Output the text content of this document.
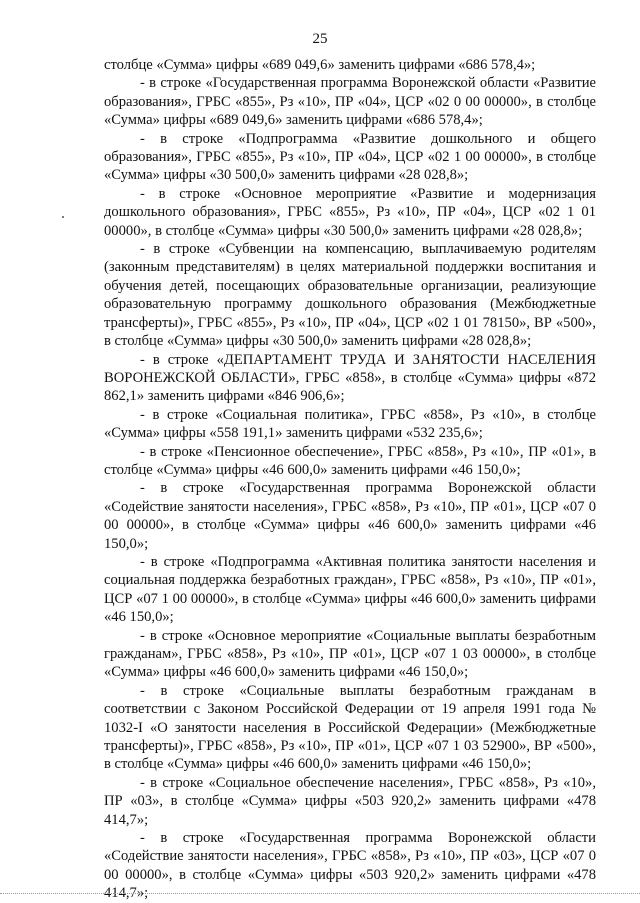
25

столбце «Сумма» цифры «689 049,6» заменить цифрами «686 578,4»;

- в строке «Государственная программа Воронежской области «Развитие образования», ГРБС «855», Рз «10», ПР «04», ЦСР «02 0 00 00000», в столбце «Сумма» цифры «689 049,6» заменить цифрами «686 578,4»;

- в строке «Подпрограмма «Развитие дошкольного и общего образования», ГРБС «855», Рз «10», ПР «04», ЦСР «02 1 00 00000», в столбце «Сумма» цифры «30 500,0» заменить цифрами «28 028,8»;

- в строке «Основное мероприятие «Развитие и модернизация дошкольного образования», ГРБС «855», Рз «10», ПР «04», ЦСР «02 1 01 00000», в столбце «Сумма» цифры «30 500,0» заменить цифрами «28 028,8»;

- в строке «Субвенции на компенсацию, выплачиваемую родителям (законным представителям) в целях материальной поддержки воспитания и обучения детей, посещающих образовательные организации, реализующие образовательную программу дошкольного образования (Межбюджетные трансферты)», ГРБС «855», Рз «10», ПР «04», ЦСР «02 1 01 78150», ВР «500», в столбце «Сумма» цифры «30 500,0» заменить цифрами «28 028,8»;

- в строке «ДЕПАРТАМЕНТ ТРУДА И ЗАНЯТОСТИ НАСЕЛЕНИЯ ВОРОНЕЖСКОЙ ОБЛАСТИ», ГРБС «858», в столбце «Сумма» цифры «872 862,1» заменить цифрами «846 906,6»;

- в строке «Социальная политика», ГРБС «858», Рз «10», в столбце «Сумма» цифры «558 191,1» заменить цифрами «532 235,6»;

- в строке «Пенсионное обеспечение», ГРБС «858», Рз «10», ПР «01», в столбце «Сумма» цифры «46 600,0» заменить цифрами «46 150,0»;

- в строке «Государственная программа Воронежской области «Содействие занятости населения», ГРБС «858», Рз «10», ПР «01», ЦСР «07 0 00 00000», в столбце «Сумма» цифры «46 600,0» заменить цифрами «46 150,0»;

- в строке «Подпрограмма «Активная политика занятости населения и социальная поддержка безработных граждан», ГРБС «858», Рз «10», ПР «01», ЦСР «07 1 00 00000», в столбце «Сумма» цифры «46 600,0» заменить цифрами «46 150,0»;

- в строке «Основное мероприятие «Социальные выплаты безработным гражданам», ГРБС «858», Рз «10», ПР «01», ЦСР «07 1 03 00000», в столбце «Сумма» цифры «46 600,0» заменить цифрами «46 150,0»;

- в строке «Социальные выплаты безработным гражданам в соответствии с Законом Российской Федерации от 19 апреля 1991 года № 1032-I «О занятости населения в Российской Федерации» (Межбюджетные трансферты)», ГРБС «858», Рз «10», ПР «01», ЦСР «07 1 03 52900», ВР «500», в столбце «Сумма» цифры «46 600,0» заменить цифрами «46 150,0»;

- в строке «Социальное обеспечение населения», ГРБС «858», Рз «10», ПР «03», в столбце «Сумма» цифры «503 920,2» заменить цифрами «478 414,7»;

- в строке «Государственная программа Воронежской области «Содействие занятости населения», ГРБС «858», Рз «10», ПР «03», ЦСР «07 0 00 00000», в столбце «Сумма» цифры «503 920,2» заменить цифрами «478 414,7»;
